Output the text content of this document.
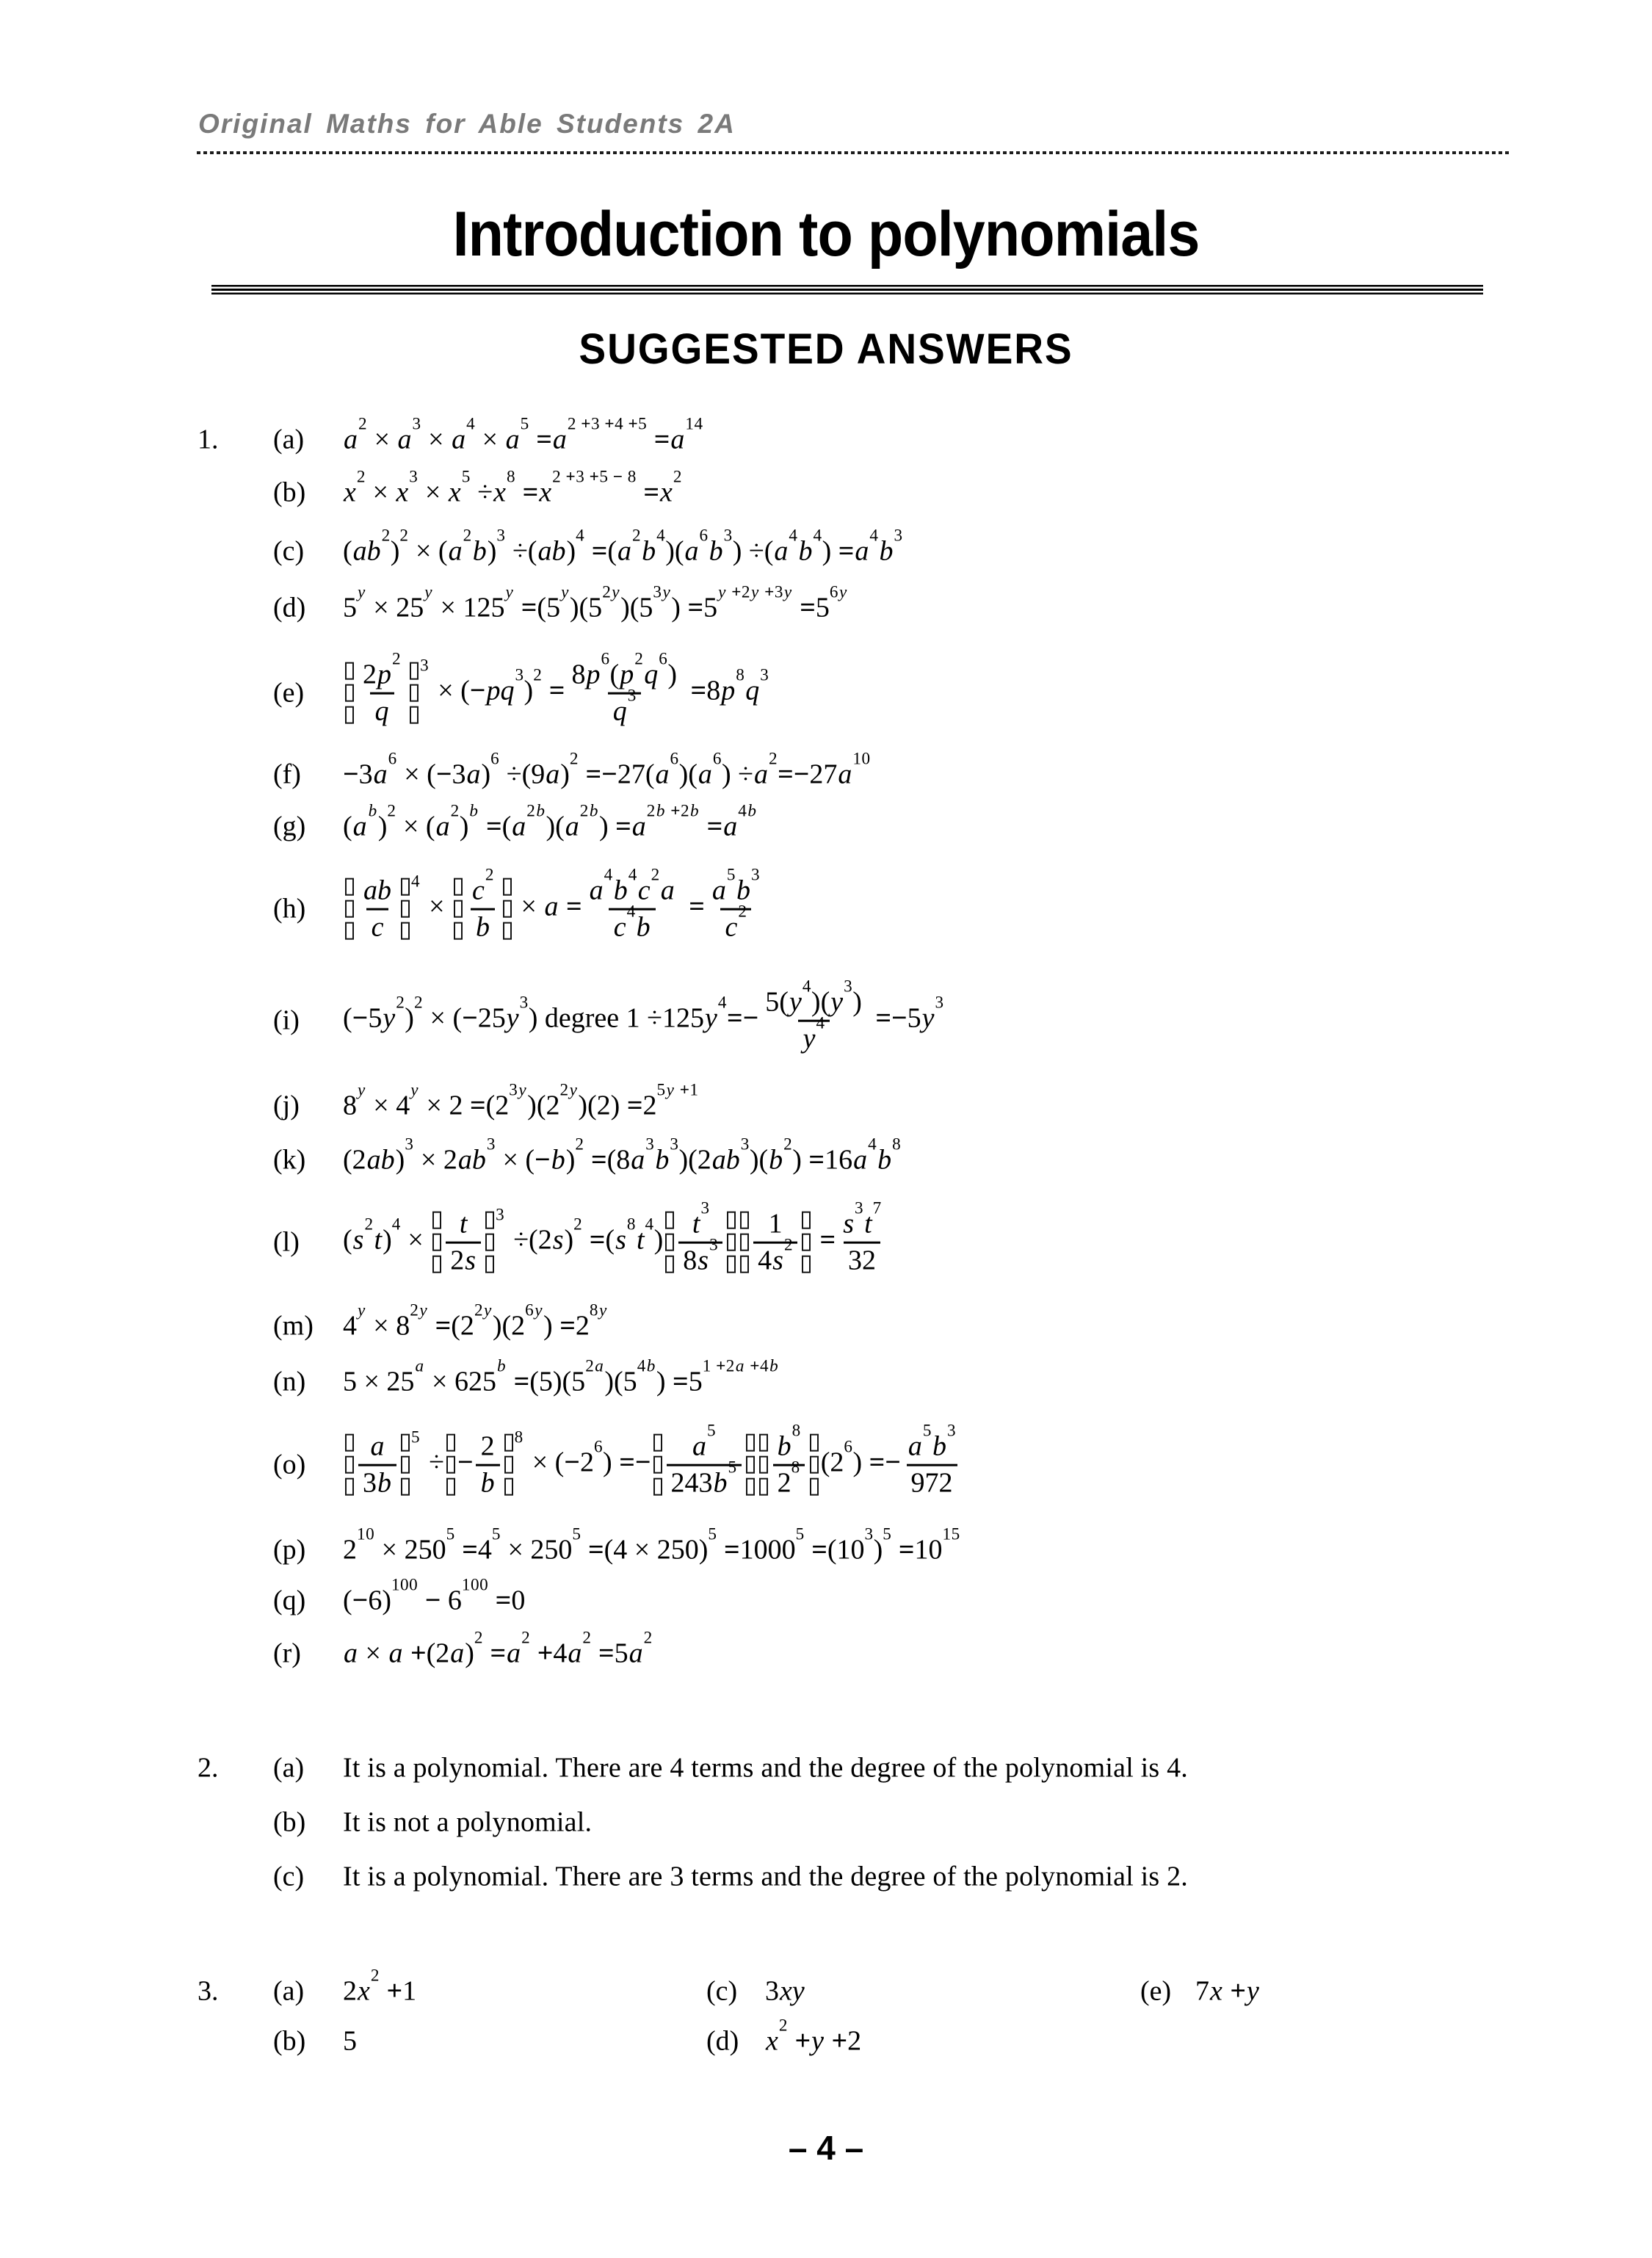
Original Maths for Able Students 2A
Introduction to polynomials
SUGGESTED ANSWERS
1.	(a)	$a^2 \times a^3 \times a^4 \times a^5 =a^{2 +3 +4 +5} =a^{14}$
(b)	$x^2 \times x^3 \times x^5 \div x^8 =x^{2 +3 +5 - 8} =x^2$
(c)	$(ab^2)^2 \times (a^2b)^3 \div(ab)^4 =(a^2b^4)(a^6b^3) \div(a^4b^4) =a^4b^3$
(d)	$5^y \times 25^y \times 125^y =(5^y)(5^{2y})(5^{3y}) =5^{y +2y +3y} =5^{6y}$
(e)	$\frac{2p^2}{q} 3$
× $(-pq^3)^2 = \frac{8p^6(p^2q^6)}{q^3} =8p^8q^3$
(f)	$-3a^6 \times (-3a)^6 \div(9a)^2 =-27(a^6)(a^6) \div a^2=-27a^{10}$
(g)	$(a^b)^2 \times (a^2)^b =(a^{2b})(a^{2b}) =a^{2b +2b} =a^{4b}$
(h)	$\frac{ab}{c} 4$
× $\frac{c^2}{b} \times a = \frac{a^4b^4c^2a}{c^4b} = \frac{a^5b^3}{c^2}$
(i)	$(-5y^2)^2 \times (-25y^3)$ degree $1 \div 125y^4=- \frac{5(y^4)(y^3)}{y^4} =-5y^3$
(j)	$8^y \times 4^y \times 2 =(2^{3y})(2^{2y})(2) =2^{5y +1}$
(k)	$(2ab)^3 \times 2ab^3 \times (-b)^2 =(8a^3b^3)(2ab^3)(b^2) =16a^4b^8$
(l)	$(s^2t)^4 \times \frac{t}{2s} 3$
$\div(2s)^2 =(s^8t^4) \frac{t^3}{8s^3} \frac{1}{4s^2} = \frac{s^3t^7}{32}$
(m)	$4^y \times 8^{2y} =(2^{2y})(2^{6y}) =2^{8y}$
(n)	$5 \times 25^a \times 625^b =(5)(5^{2a})(5^{4b}) =5^{1 +2a +4b}$
(o)	$\frac{a}{3b} 5$
÷ − $\frac{2}{b} 8$
× $(-2^6) =- \frac{a^5}{243b^5} \frac{b^8}{2^8} (2^6) =- \frac{a^5b^3}{972}$
(p)	$2^{10} \times 250^5 =4^5 \times 250^5 =(4 \times 250)^5 =1000^5 =(10^3)^5 =10^{15}$
(q)	$(-6)^{100} - 6^{100} =0$
(r)	$a \times a +(2a)^2 =a^2 +4a^2 =5a^2$
2.	(a)	It is a polynomial. There are 4 terms and the degree of the polynomial is 4.
(b)	It is not a polynomial.
(c)	It is a polynomial. There are 3 terms and the degree of the polynomial is 2.
3.	(a)	$2x^2 +1$	(c) 3xy	(e) 7x +y
(b)	5	(d) $x^2 +y +2$
– 4 –
